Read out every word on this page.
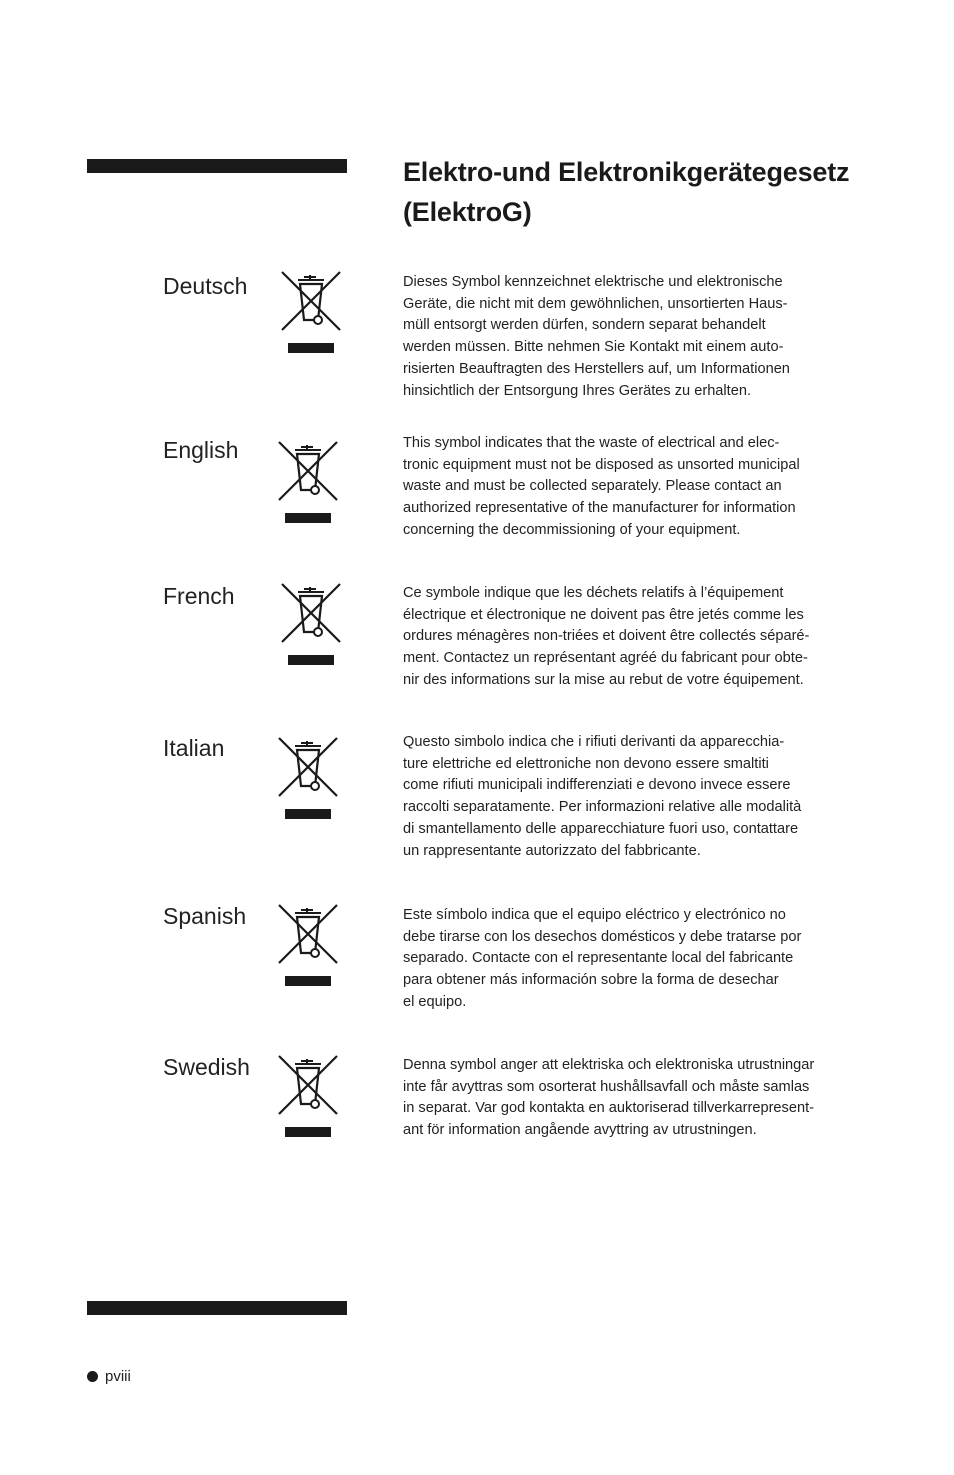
Elektro-und Elektronikgerätegesetz
(ElektroG)
Deutsch	Dieses Symbol kennzeichnet elektrische und elektronische
Geräte, die nicht mit dem gewöhnlichen, unsortierten Haus-
müll entsorgt werden dürfen, sondern separat behandelt
werden müssen. Bitte nehmen Sie Kontakt mit einem auto-
risierten Beauftragten des Herstellers auf, um Informationen
hinsichtlich der Entsorgung Ihres Gerätes zu erhalten.
English	This symbol indicates that the waste of electrical and elec-
tronic equipment must not be disposed as unsorted municipal
waste and must be collected separately. Please contact an
authorized representative of the manufacturer for information
concerning the decommissioning of your equipment.
French	Ce symbole indique que les déchets relatifs à l’équipement
électrique et électronique ne doivent pas être jetés comme les
ordures ménagères non-triées et doivent être collectés séparé-
ment. Contactez un représentant agréé du fabricant pour obte-
nir des informations sur la mise au rebut de votre équipement.
Italian	Questo simbolo indica che i rifiuti derivanti da apparecchia-
ture elettriche ed elettroniche non devono essere smaltiti
come rifiuti municipali indifferenziati e devono invece essere
raccolti separatamente. Per informazioni relative alle modalità
di smantellamento delle apparecchiature fuori uso, contattare
un rappresentante autorizzato del fabbricante.
Spanish	Este símbolo indica que el equipo eléctrico y electrónico no
debe tirarse con los desechos domésticos y debe tratarse por
separado. Contacte con el representante local del fabricante
para obtener más información sobre la forma de desechar
el equipo.
Swedish	Denna symbol anger att elektriska och elektroniska utrustningar
inte får avyttras som osorterat hushållsavfall och måste samlas
in separat. Var god kontakta en auktoriserad tillverkarrepresent-
ant för information angående avyttring av utrustningen.
pviii
